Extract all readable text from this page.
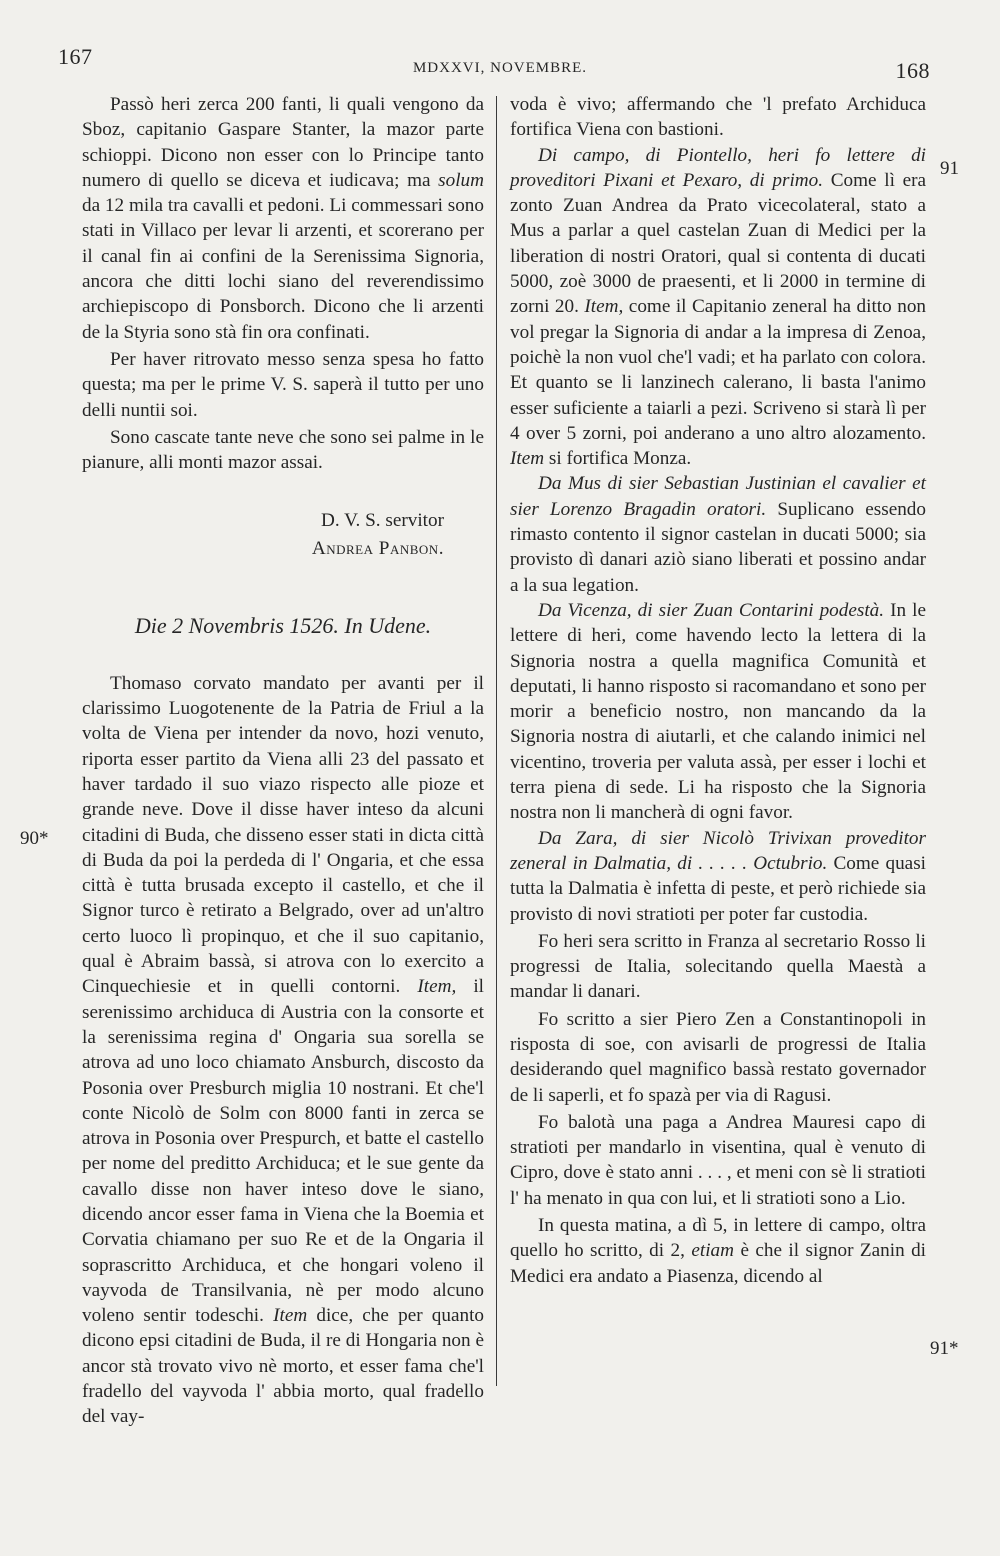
167	MDXXVI, NOVEMBRE.	168
90*
91
91*

Passò heri zerca 200 fanti, li quali vengono da Sboz, capitanio Gaspare Stanter, la mazor parte schioppi. Dicono non esser con lo Principe tanto numero di quello se diceva et iudicava; ma solum da 12 mila tra cavalli et pedoni. Li commessari sono stati in Villaco per levar li arzenti, et scorerano per il canal fin ai confini de la Serenissima Signoria, ancora che ditti lochi siano del reverendissimo archiepiscopo di Ponsborch. Dicono che li arzenti de la Styria sono stà fin ora confinati.

Per haver ritrovato messo senza spesa ho fatto questa; ma per le prime V. S. saperà il tutto per uno delli nuntii soi.

Sono cascate tante neve che sono sei palme in le pianure, alli monti mazor assai.

D. V. S. servitor
Andrea Panbon.
Die 2 Novembris 1526. In Udene.

Thomaso corvato mandato per avanti per il clarissimo Luogotenente de la Patria de Friul a la volta de Viena per intender da novo, hozi venuto, riporta esser partito da Viena alli 23 del passato et haver tardado il suo viazo rispecto alle pioze et grande neve. Dove il disse haver inteso da alcuni citadini di Buda, che disseno esser stati in dicta città di Buda da poi la perdeda di l' Ongaria, et che essa città è tutta brusada excepto il castello, et che il Signor turco è retirato a Belgrado, over ad un'altro certo luoco lì propinquo, et che il suo capitanio, qual è Abraim bassà, si atrova con lo exercito a Cinquechiesie et in quelli contorni. Item, il serenissimo archiduca di Austria con la consorte et la serenissima regina d' Ongaria sua sorella se atrova ad uno loco chiamato Ansburch, discosto da Posonia over Presburch miglia 10 nostrani. Et che'l conte Nicolò de Solm con 8000 fanti in zerca se atrova in Posonia over Prespurch, et batte el castello per nome del preditto Archiduca; et le sue gente da cavallo disse non haver inteso dove le siano, dicendo ancor esser fama in Viena che la Boemia et Corvatia chiamano per suo Re et de la Ongaria il soprascritto Archiduca, et che hongari voleno il vayvoda de Transilvania, nè per modo alcuno voleno sentir todeschi. Item dice, che per quanto dicono epsi citadini de Buda, il re di Hongaria non è ancor stà trovato vivo nè morto, et esser fama che'l fradello del vayvoda l' abbia morto, qual fradello del vay-

voda è vivo; affermando che 'l prefato Archiduca fortifica Viena con bastioni.

Di campo, di Piontello, heri fo lettere di proveditori Pixani et Pexaro, di primo. Come lì era zonto Zuan Andrea da Prato vicecolateral, stato a Mus a parlar a quel castelan Zuan di Medici per la liberation di nostri Oratori, qual si contenta di ducati 5000, zoè 3000 de praesenti, et li 2000 in termine di zorni 20. Item, come il Capitanio zeneral ha ditto non vol pregar la Signoria di andar a la impresa di Zenoa, poichè la non vuol che'l vadi; et ha parlato con colora. Et quanto se li lanzinech calerano, li basta l'animo esser suficiente a taiarli a pezi. Scriveno si starà lì per 4 over 5 zorni, poi anderano a uno altro alozamento. Item si fortifica Monza.

Da Mus di sier Sebastian Justinian el cavalier et sier Lorenzo Bragadin oratori. Suplicano essendo rimasto contento il signor castelan in ducati 5000; sia provisto dì danari aziò siano liberati et possino andar a la sua legation.

Da Vicenza, di sier Zuan Contarini podestà. In le lettere di heri, come havendo lecto la lettera di la Signoria nostra a quella magnifica Comunità et deputati, li hanno risposto si racomandano et sono per morir a beneficio nostro, non mancando da la Signoria nostra di aiutarli, et che calando inimici nel vicentino, troveria per valuta assà, per esser i lochi et terra piena di sede. Li ha risposto che la Signoria nostra non li mancherà di ogni favor.

Da Zara, di sier Nicolò Trivixan proveditor zeneral in Dalmatia, di . . . . . Octubrio. Come quasi tutta la Dalmatia è infetta di peste, et però richiede sia provisto di novi stratioti per poter far custodia.

Fo heri sera scritto in Franza al secretario Rosso li progressi de Italia, solecitando quella Maestà a mandar li danari.

Fo scritto a sier Piero Zen a Constantinopoli in risposta di soe, con avisarli de progressi de Italia desiderando quel magnifico bassà restato governador de li saperli, et fo spazà per via di Ragusi.

Fo balotà una paga a Andrea Mauresi capo di stratioti per mandarlo in visentina, qual è venuto di Cipro, dove è stato anni . . . , et meni con sè li stratioti l' ha menato in qua con lui, et li stratioti sono a Lio.

In questa matina, a dì 5, in lettere di campo, oltra quello ho scritto, di 2, etiam è che il signor Zanin di Medici era andato a Piasenza, dicendo al
